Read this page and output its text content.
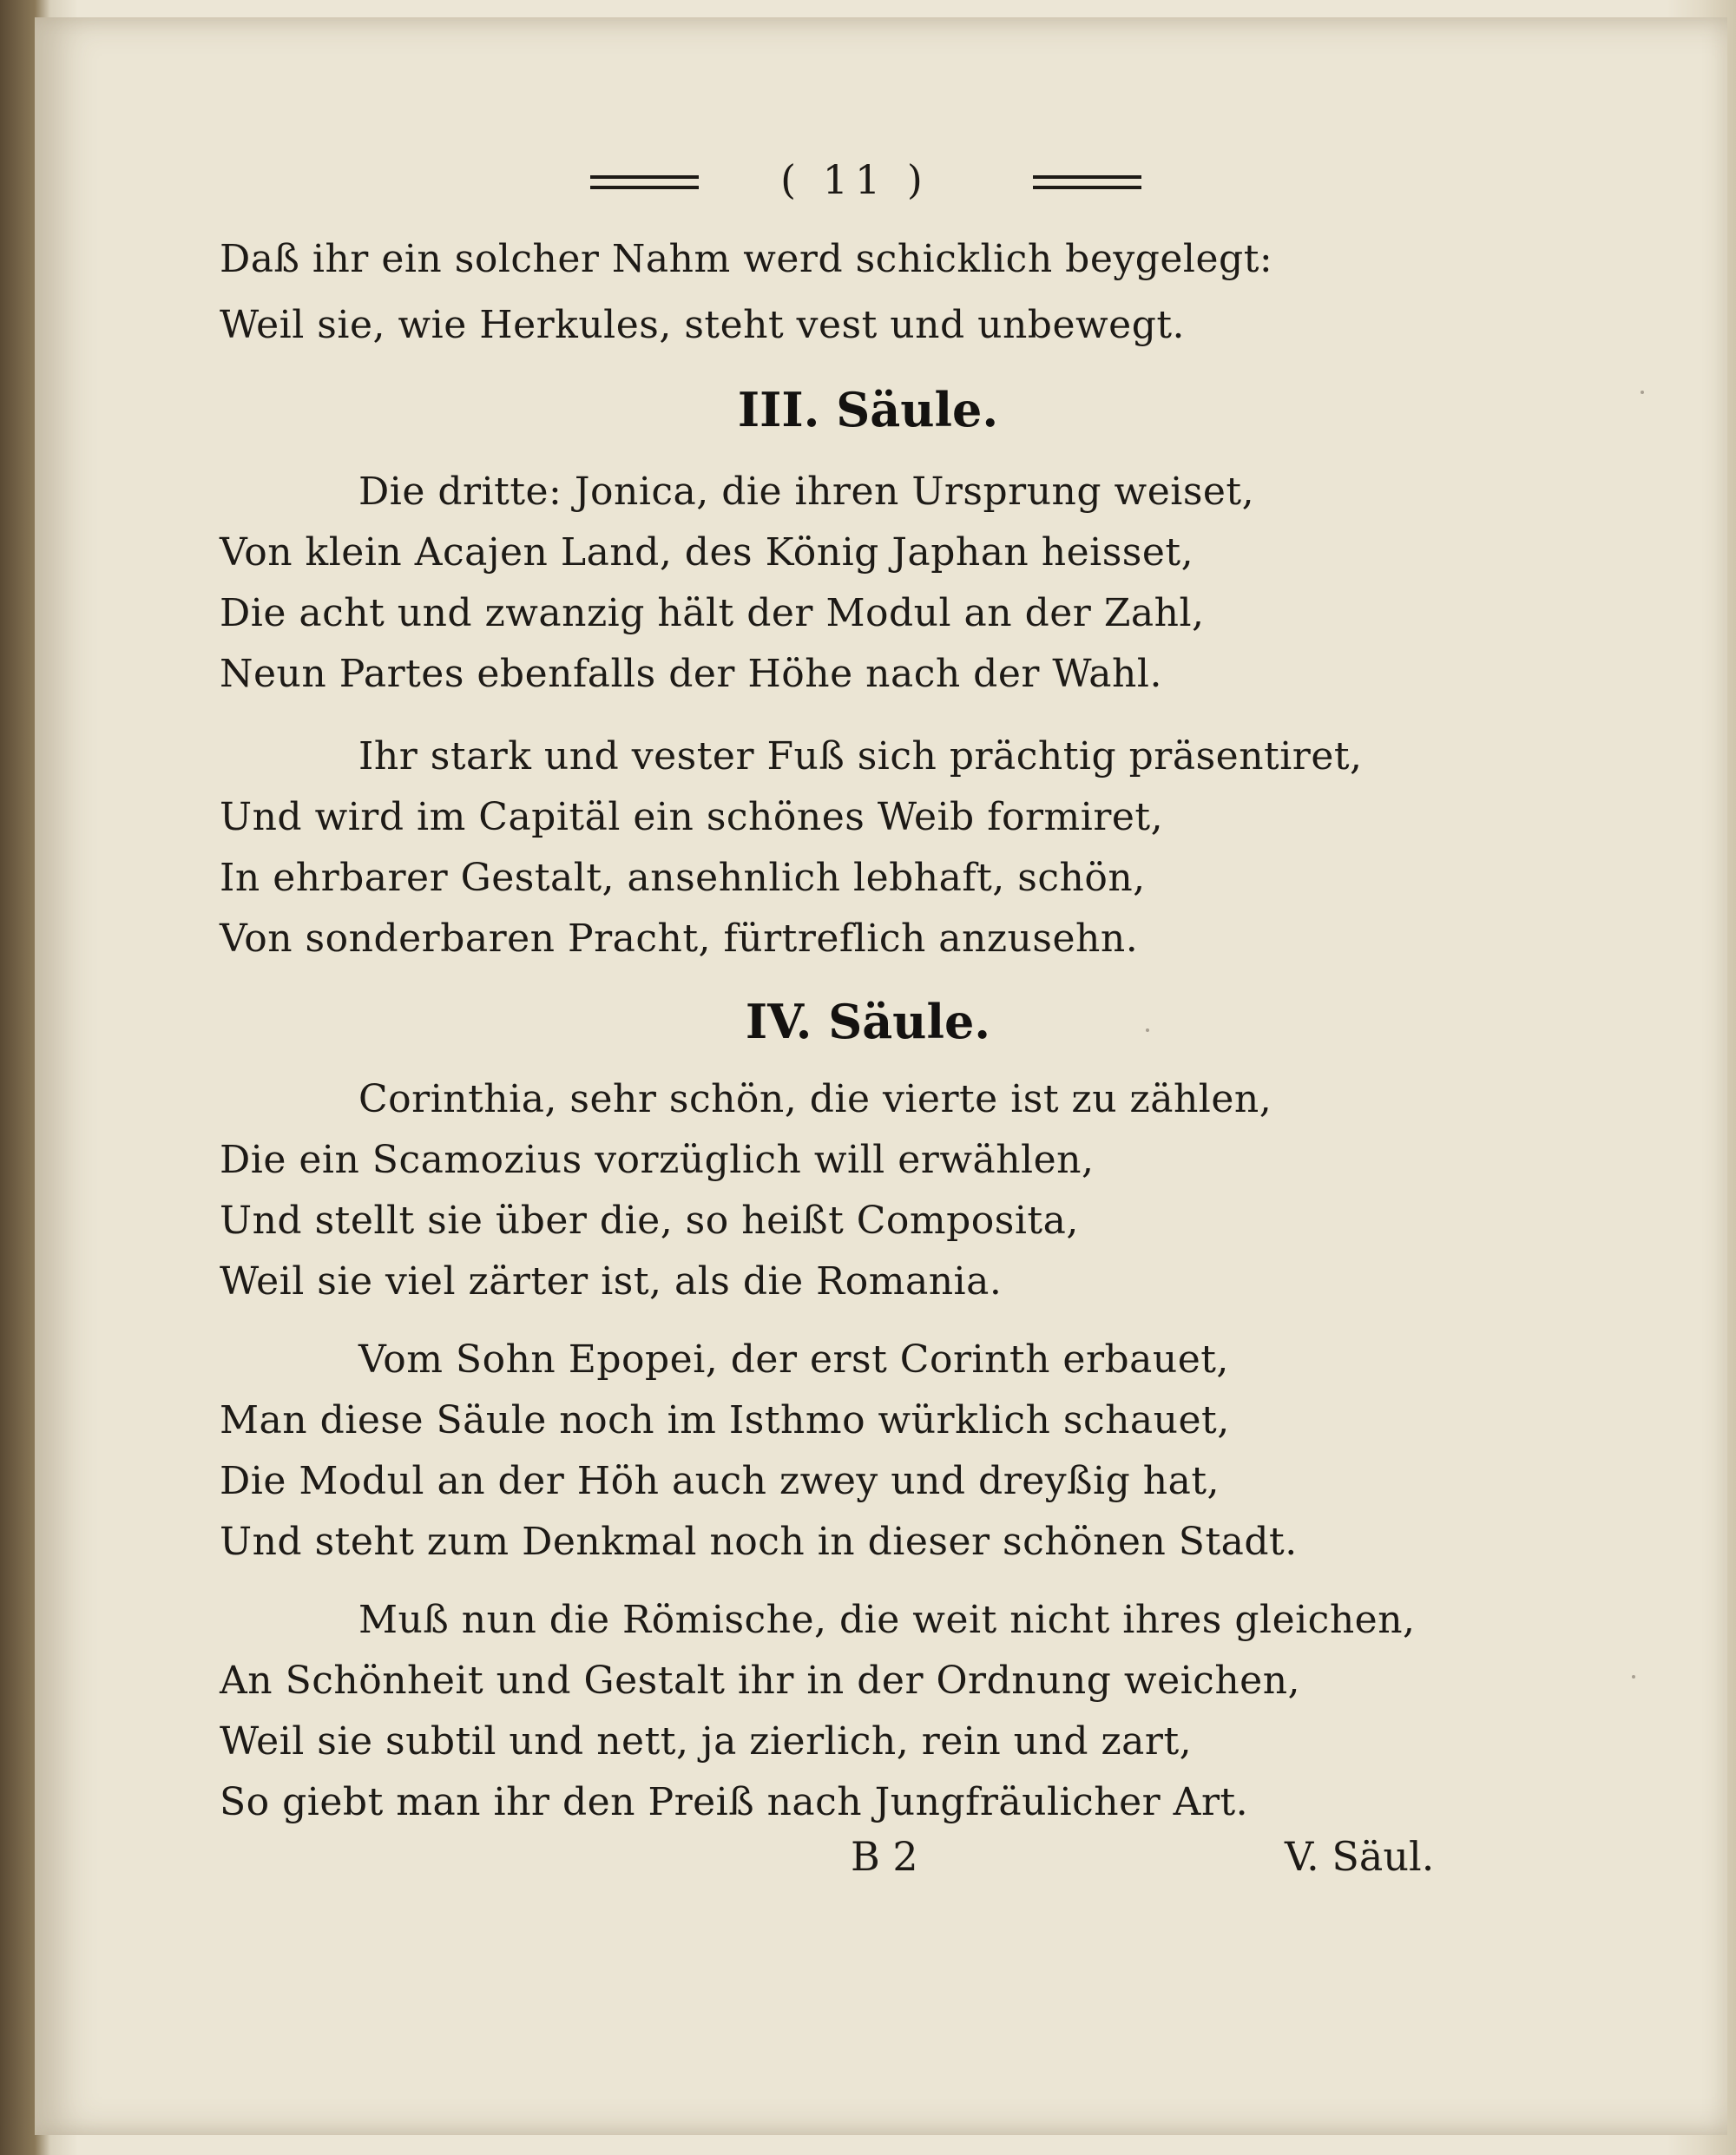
( 11 )
Daß ihr ein solcher Nahm werd schicklich beygelegt:
Weil sie, wie Herkules, steht vest und unbewegt.
III. Säule.
Die dritte: Jonica, die ihren Ursprung weiset,
Von klein Acajen Land, des König Japhan heisset,
Die acht und zwanzig hält der Modul an der Zahl,
Neun Partes ebenfalls der Höhe nach der Wahl.
Ihr stark und vester Fuß sich prächtig präsentiret,
Und wird im Capitäl ein schönes Weib formiret,
In ehrbarer Gestalt, ansehnlich lebhaft, schön,
Von sonderbaren Pracht, fürtreflich anzusehn.
IV. Säule.
Corinthia, sehr schön, die vierte ist zu zählen,
Die ein Scamozius vorzüglich will erwählen,
Und stellt sie über die, so heißt Composita,
Weil sie viel zärter ist, als die Romania.
Vom Sohn Epopei, der erst Corinth erbauet,
Man diese Säule noch im Isthmo würklich schauet,
Die Modul an der Höh auch zwey und dreyßig hat,
Und steht zum Denkmal noch in dieser schönen Stadt.
Muß nun die Römische, die weit nicht ihres gleichen,
An Schönheit und Gestalt ihr in der Ordnung weichen,
Weil sie subtil und nett, ja zierlich, rein und zart,
So giebt man ihr den Preiß nach Jungfräulicher Art.
B 2	V. Säul.
